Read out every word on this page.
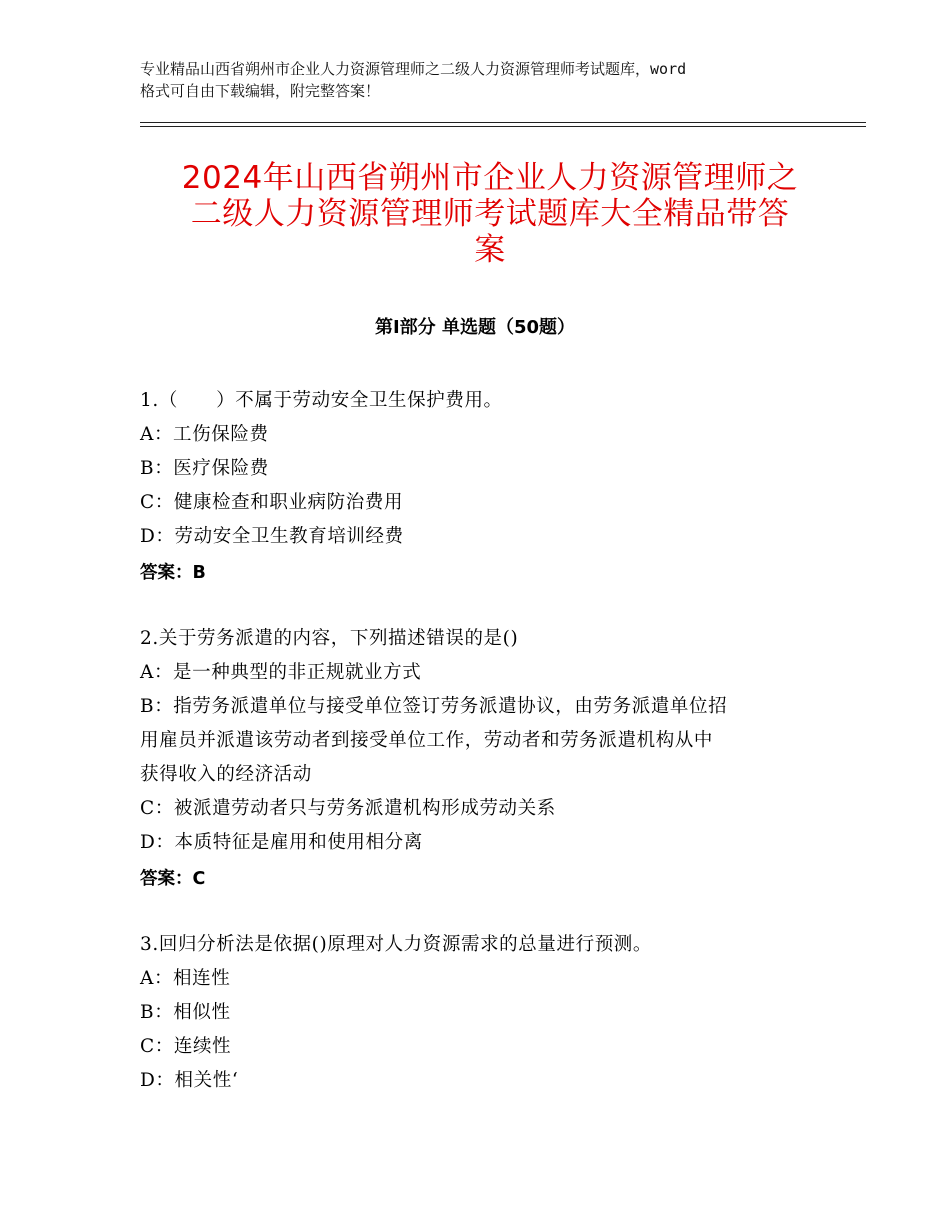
专业精品山西省朔州市企业人力资源管理师之二级人力资源管理师考试题库，word
格式可自由下载编辑，附完整答案！
2024年山西省朔州市企业人力资源管理师之
二级人力资源管理师考试题库大全精品带答
案
第Ⅰ部分 单选题（50题）
1.（　　）不属于劳动安全卫生保护费用。
A：工伤保险费
B：医疗保险费
C：健康检查和职业病防治费用
D：劳动安全卫生教育培训经费
答案：B
2.关于劳务派遣的内容，下列描述错误的是()
A：是一种典型的非正规就业方式
B：指劳务派遣单位与接受单位签订劳务派遣协议，由劳务派遣单位招
用雇员并派遣该劳动者到接受单位工作，劳动者和劳务派遣机构从中
获得收入的经济活动
C：被派遣劳动者只与劳务派遣机构形成劳动关系
D：本质特征是雇用和使用相分离
答案：C
3.回归分析法是依据()原理对人力资源需求的总量进行预测。
A：相连性
B：相似性
C：连续性
D：相关性‘
